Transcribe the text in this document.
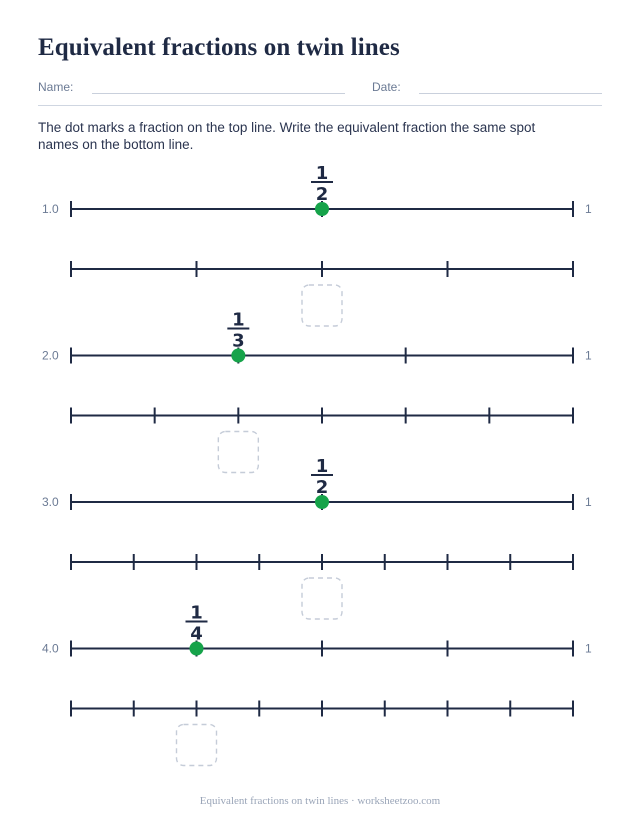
Equivalent fractions on twin lines
Name:	Date:

The dot marks a fraction on the top line. Write the equivalent fraction the same spot names on the bottom line.

1.0	1
1
2
2.0	1
1
3
3.0	1
1
2
4.0	1
1
4
Equivalent fractions on twin lines · worksheetzoo.com
